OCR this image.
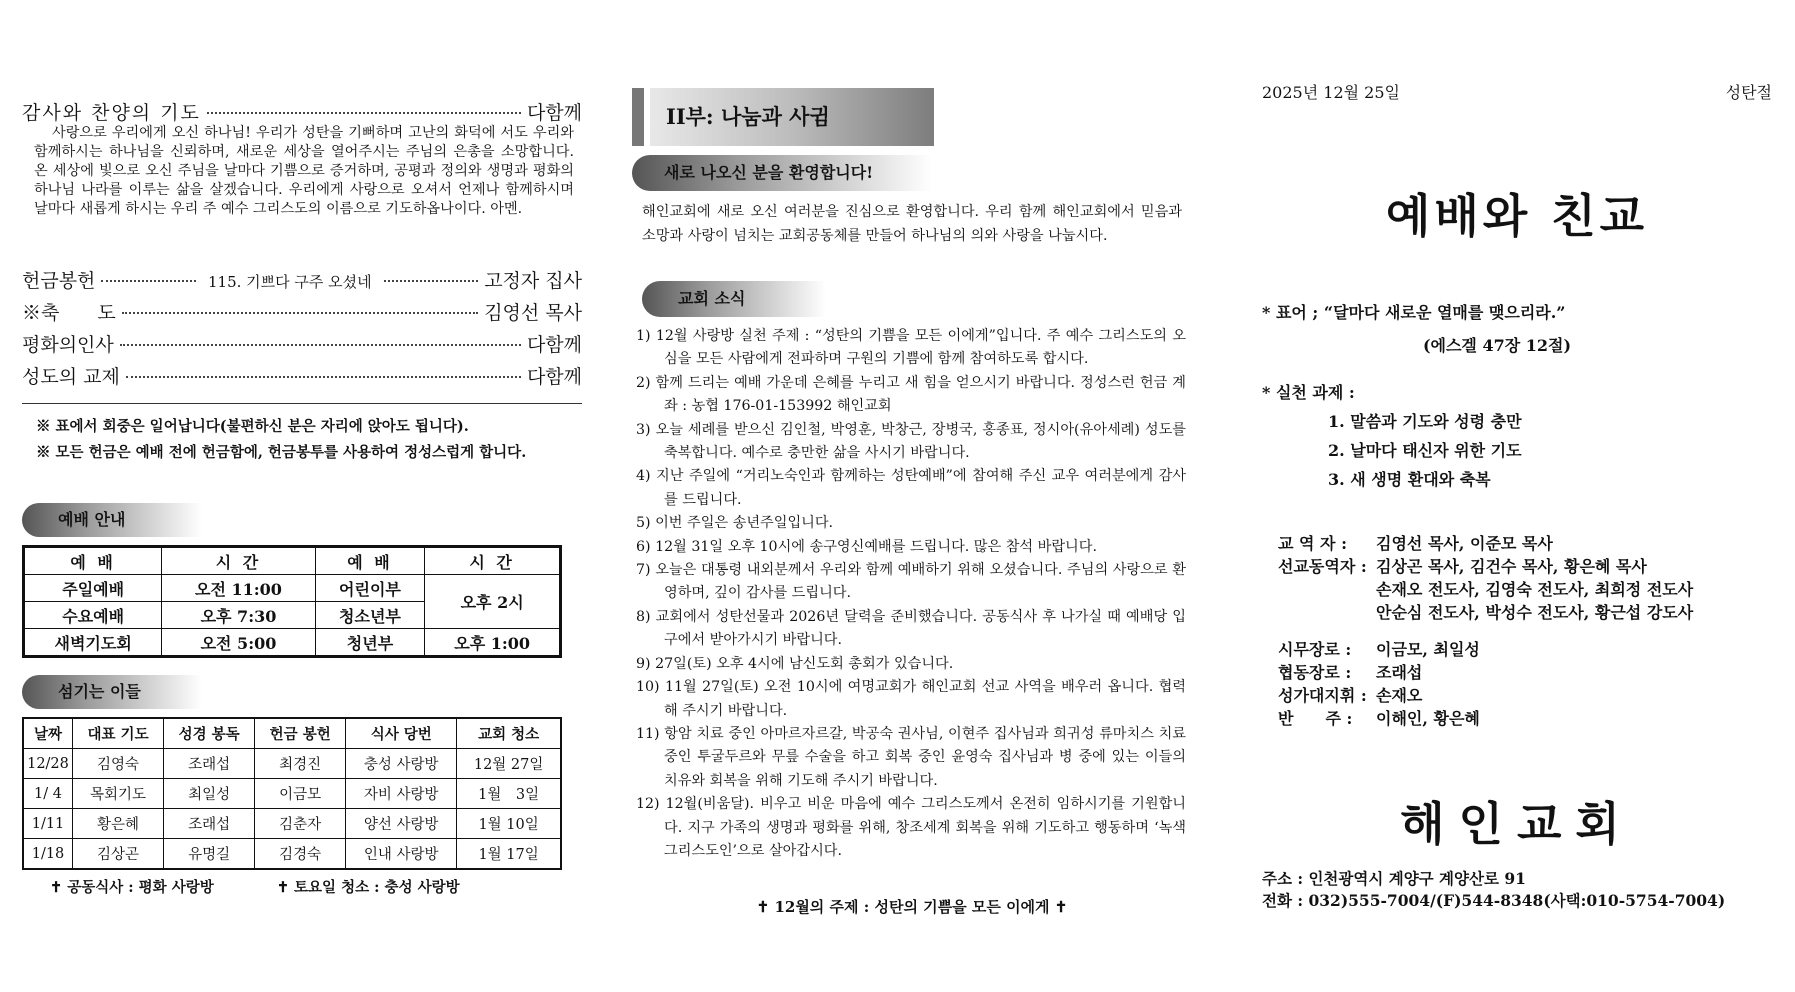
감사와 찬양의 기도	다함께
사랑으로 우리에게 오신 하나님! 우리가 성탄을 기뻐하며 고난의 화덕에 서도 우리와 함께하시는 하나님을 신뢰하며, 새로운 세상을 열어주시는 주님의 은총을 소망합니다. 온 세상에 빛으로 오신 주님을 날마다 기쁨으로 증거하며, 공평과 정의와 생명과 평화의 하나님 나라를 이루는 삶을 살겠습니다. 우리에게 사랑으로 오셔서 언제나 함께하시며 날마다 새롭게 하시는 우리 주 예수 그리스도의 이름으로 기도하옵나이다. 아멘.
헌금봉헌	115. 기쁘다 구주 오셨네	고정자 집사
※축　　도	김영선 목사
평화의인사	다함께
성도의 교제	다함께
※ 표에서 회중은 일어납니다(불편하신 분은 자리에 앉아도 됩니다).
※ 모든 헌금은 예배 전에 헌금함에, 헌금봉투를 사용하여 정성스럽게 합니다.
예배 안내
예 배	시 간	예 배	시 간
주일예배	오전 11:00	어린이부	오후 2시
수요예배	오후 7:30	청소년부	
새벽기도회	오전 5:00	청년부	오후 1:00
섬기는 이들
날짜	대표 기도	성경 봉독	헌금 봉헌	식사 당번	교회 청소
12/28	김영숙	조래섭	최경진	충성 사랑방	12월 27일
1/ 4	목회기도	최일성	이금모	자비 사랑방	1월　3일
1/11	황은혜	조래섭	김춘자	양선 사랑방	1월 10일
1/18	김상곤	유명길	김경숙	인내 사랑방	1월 17일
✝ 공동식사 : 평화 사랑방	✝ 토요일 청소 : 충성 사랑방
II부: 나눔과 사귐
새로 나오신 분을 환영합니다!
해인교회에 새로 오신 여러분을 진심으로 환영합니다. 우리 함께 해인교회에서 믿음과 소망과 사랑이 넘치는 교회공동체를 만들어 하나님의 의와 사랑을 나눕시다.
교회 소식
1) 12월 사랑방 실천 주제 : “성탄의 기쁨을 모든 이에게”입니다. 주 예수 그리스도의 오심을 모든 사람에게 전파하며 구원의 기쁨에 함께 참여하도록 합시다.
2) 함께 드리는 예배 가운데 은혜를 누리고 새 힘을 얻으시기 바랍니다. 정성스런 헌금 계좌 : 농협 176-01-153992 해인교회
3) 오늘 세례를 받으신 김인철, 박영훈, 박창근, 장병국, 홍종표, 정시아(유아세례) 성도를 축복합니다. 예수로 충만한 삶을 사시기 바랍니다.
4) 지난 주일에 “거리노숙인과 함께하는 성탄예배”에 참여해 주신 교우 여러분에게 감사를 드립니다.
5) 이번 주일은 송년주일입니다.
6) 12월 31일 오후 10시에 송구영신예배를 드립니다. 많은 참석 바랍니다.
7) 오늘은 대통령 내외분께서 우리와 함께 예배하기 위해 오셨습니다. 주님의 사랑으로 환영하며, 깊이 감사를 드립니다.
8) 교회에서 성탄선물과 2026년 달력을 준비했습니다. 공동식사 후 나가실 때 예배당 입구에서 받아가시기 바랍니다.
9) 27일(토) 오후 4시에 남신도회 총회가 있습니다.
10) 11월 27일(토) 오전 10시에 여명교회가 해인교회 선교 사역을 배우러 옵니다. 협력해 주시기 바랍니다.
11) 항암 치료 중인 아마르자르갈, 박공숙 권사님, 이현주 집사님과 희귀성 류마치스 치료 중인 투굴두르와 무릎 수술을 하고 회복 중인 윤영숙 집사님과 병 중에 있는 이들의 치유와 회복을 위해 기도해 주시기 바랍니다.
12) 12월(비움달). 비우고 비운 마음에 예수 그리스도께서 온전히 임하시기를 기원합니다. 지구 가족의 생명과 평화를 위해, 창조세계 회복을 위해 기도하고 행동하며 ‘녹색 그리스도인’으로 살아갑시다.
✝ 12월의 주제 : 성탄의 기쁨을 모든 이에게 ✝
2025년 12월 25일	성탄절
예배와 친교
* 표어 ; “달마다 새로운 열매를 맺으리라.”
(에스겔 47장 12절)
* 실천 과제 :
1. 말씀과 기도와 성령 충만
2. 날마다 태신자 위한 기도
3. 새 생명 환대와 축복
교 역 자 :	김영선 목사, 이준모 목사
선교동역자 : 김상곤 목사, 김건수 목사, 황은혜 목사
손재오 전도사, 김영숙 전도사, 최희정 전도사
안순심 전도사, 박성수 전도사, 황근섭 강도사
시무장로 :	이금모, 최일성
협동장로 :	조래섭
성가대지휘 : 손재오
반　　주 :	이해인, 황은혜
해인교회
주소 : 인천광역시 계양구 계양산로 91
전화 : 032)555-7004/(F)544-8348(사택:010-5754-7004)
